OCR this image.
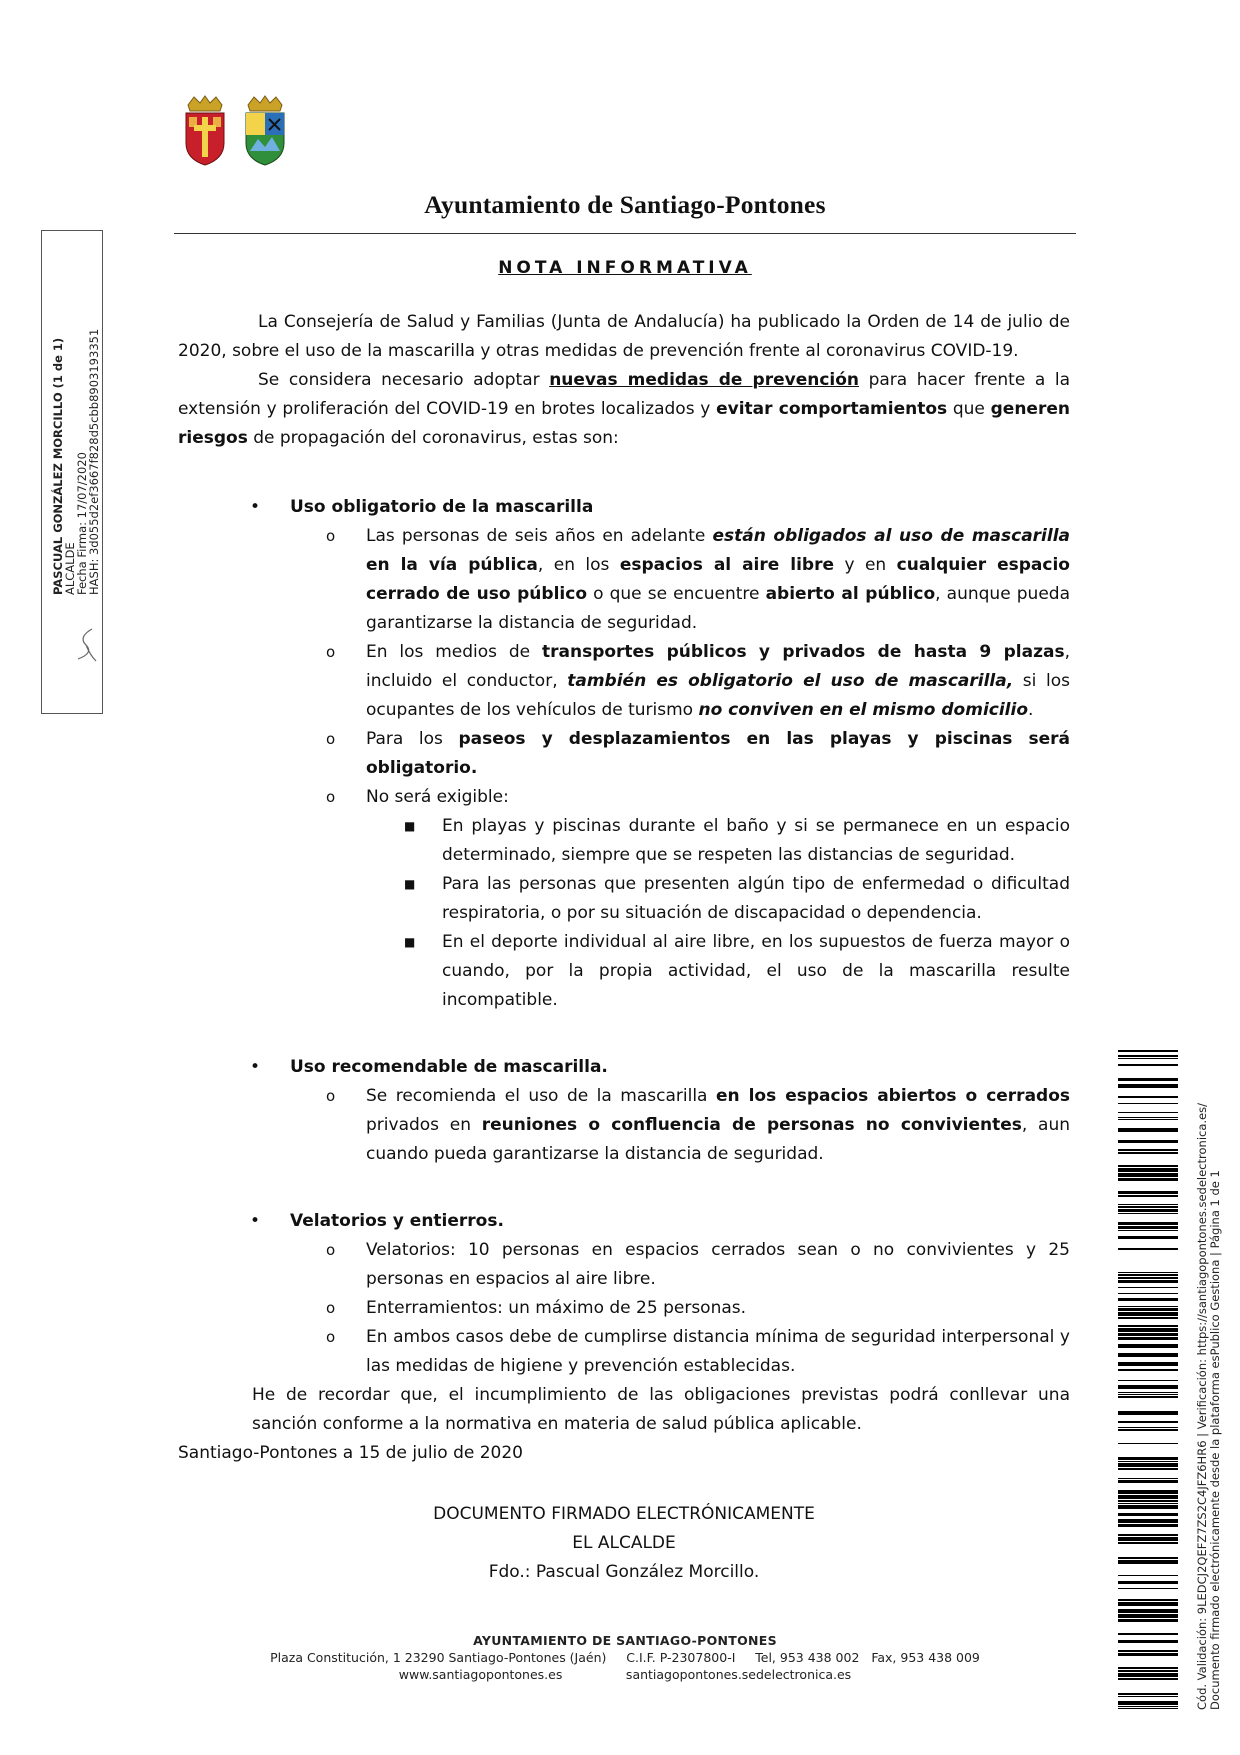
Ayuntamiento de Santiago-Pontones
NOTA INFORMATIVA
PASCUAL GONZÁLEZ MORCILLO (1 de 1)
ALCALDE
Fecha Firma: 17/07/2020
HASH: 3d055d2ef3667f828d5cbb8903193351

La Consejería de Salud y Familias (Junta de Andalucía) ha publicado la Orden de 14 de julio de 2020, sobre el uso de la mascarilla y otras medidas de prevención frente al coronavirus COVID-19.

Se considera necesario adoptar nuevas medidas de prevención para hacer frente a la extensión y proliferación del COVID-19 en brotes localizados y evitar comportamientos que generen riesgos de propagación del coronavirus, estas son:

• Uso obligatorio de la mascarilla
o Las personas de seis años en adelante están obligados al uso de mascarilla en la vía pública, en los espacios al aire libre y en cualquier espacio cerrado de uso público o que se encuentre abierto al público, aunque pueda garantizarse la distancia de seguridad.
o En los medios de transportes públicos y privados de hasta 9 plazas, incluido el conductor, también es obligatorio el uso de mascarilla, si los ocupantes de los vehículos de turismo no conviven en el mismo domicilio.
o Para los paseos y desplazamientos en las playas y piscinas será obligatorio.
o No será exigible:
■ En playas y piscinas durante el baño y si se permanece en un espacio determinado, siempre que se respeten las distancias de seguridad.
■ Para las personas que presenten algún tipo de enfermedad o dificultad respiratoria, o por su situación de discapacidad o dependencia.
■ En el deporte individual al aire libre, en los supuestos de fuerza mayor o cuando, por la propia actividad, el uso de la mascarilla resulte incompatible.
• Uso recomendable de mascarilla.
o Se recomienda el uso de la mascarilla en los espacios abiertos o cerrados privados en reuniones o confluencia de personas no convivientes, aun cuando pueda garantizarse la distancia de seguridad.
• Velatorios y entierros.
o Velatorios: 10 personas en espacios cerrados sean o no convivientes y 25 personas en espacios al aire libre.
o Enterramientos: un máximo de 25 personas.
o En ambos casos debe de cumplirse distancia mínima de seguridad interpersonal y las medidas de higiene y prevención establecidas.

He de recordar que, el incumplimiento de las obligaciones previstas podrá conllevar una sanción conforme a la normativa en materia de salud pública aplicable.

Santiago-Pontones a 15 de julio de 2020

DOCUMENTO FIRMADO ELECTRÓNICAMENTE
EL ALCALDE
Fdo.: Pascual González Morcillo.
AYUNTAMIENTO DE SANTIAGO-PONTONES
Plaza Constitución, 1 23290 Santiago-Pontones (Jaén)     C.I.F. P-2307800-I     Tel, 953 438 002   Fax, 953 438 009
www.santiagopontones.es                santiagopontones.sedelectronica.es	Cód. Validación: 9LEDCJ2QEFZ7ZS2C4JFZ6HR6 | Verificación: https://santiagopontones.sedelectronica.es/ Documento firmado electrónicamente desde la plataforma esPublico Gestiona | Página 1 de 1
